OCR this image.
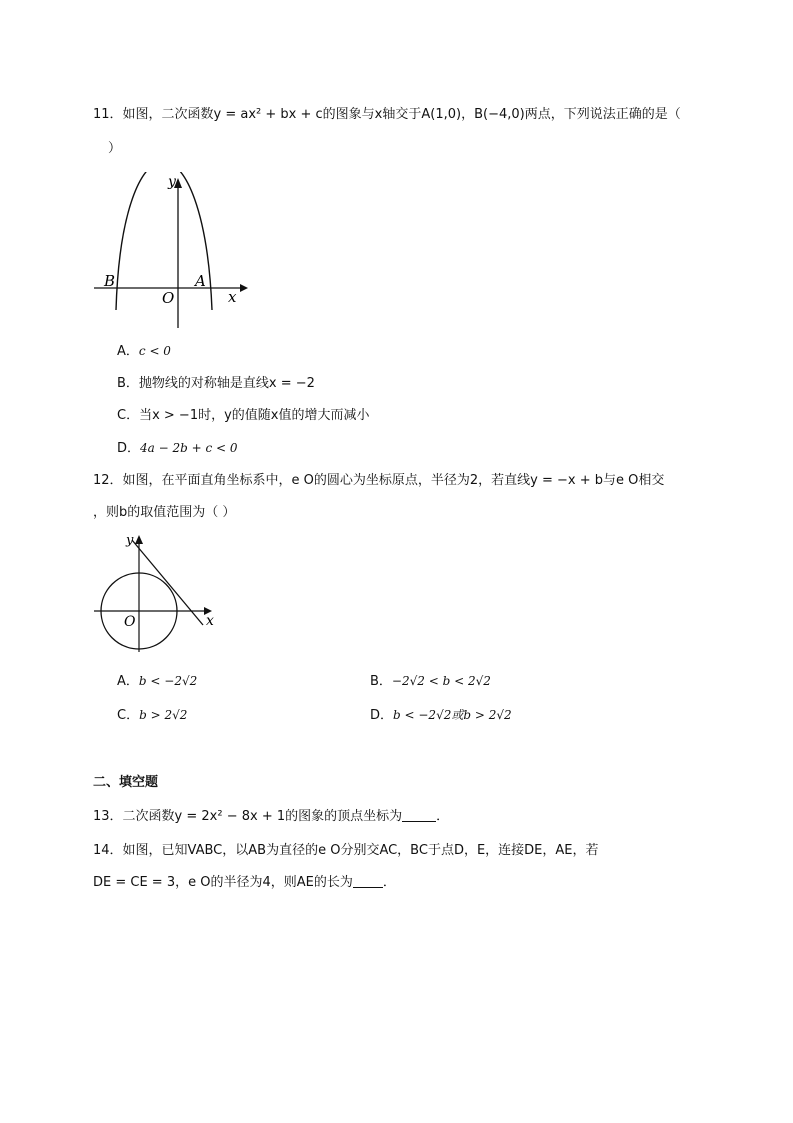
11．如图，二次函数y = ax² + bx + c的图象与x轴交于A(1,0)，B(−4,0)两点，下列说法正确的是（
）
y
x
O
A
B
A．c < 0
B．抛物线的对称轴是直线x = −2
C．当x > −1时，y的值随x值的增大而减小
D．4a − 2b + c < 0
12．如图，在平面直角坐标系中，e O的圆心为坐标原点，半径为2，若直线y = −x + b与e O相交
，则b的取值范围为（ ）
y
x
O
A．b < −2√2	B．−2√2 < b < 2√2
C．b > 2√2	D．b < −2√2或b > 2√2
二、填空题
13．二次函数y = 2x² − 8x + 1的图象的顶点坐标为	．
14．如图，已知VABC，以AB为直径的e O分别交AC，BC于点D，E，连接DE，AE，若
DE = CE = 3，e O的半径为4，则AE的长为 ．
